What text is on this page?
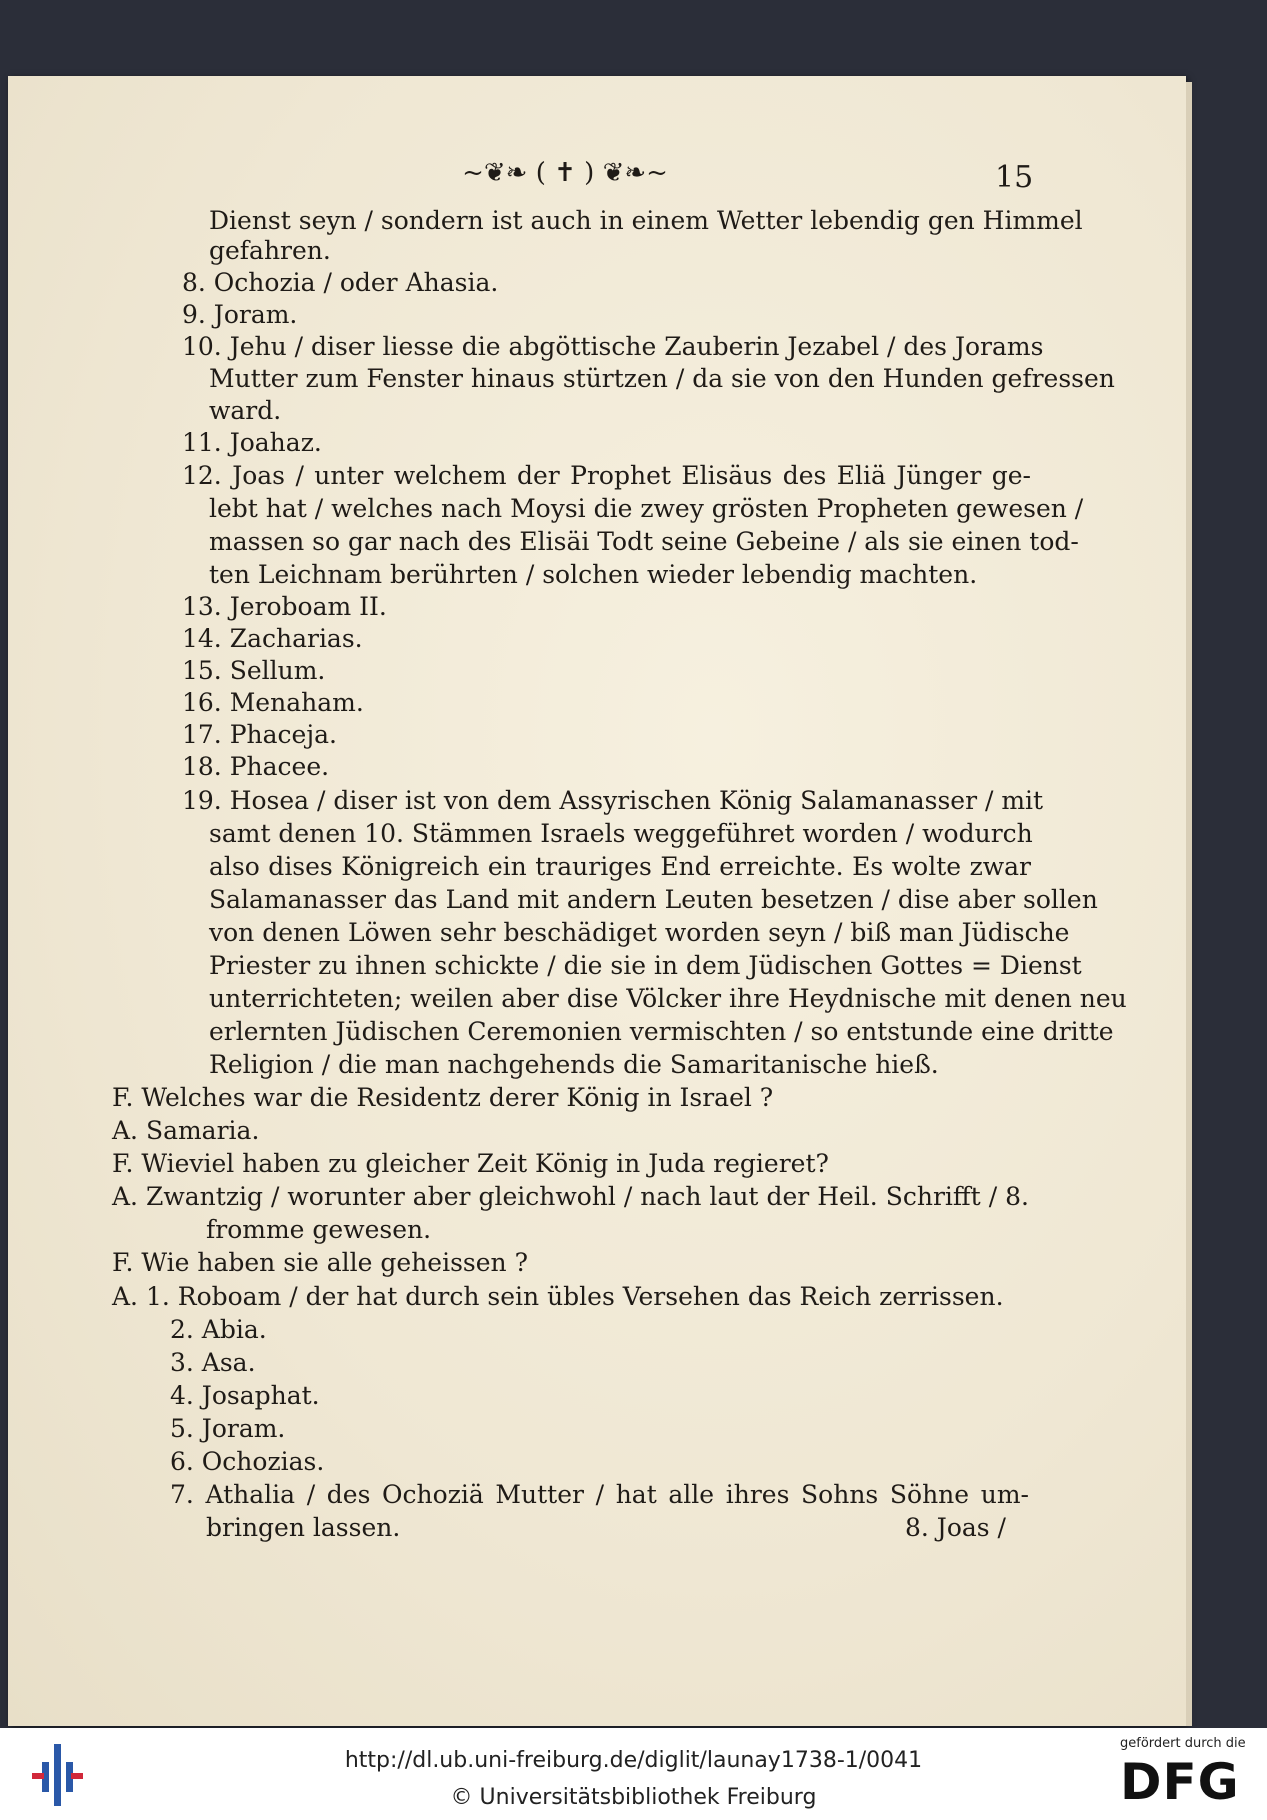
~❦❧ ( ✝ ) ❦❧~	15
Dienst seyn / sondern ist auch in einem Wetter lebendig gen Himmel
gefahren.
8. Ochozia / oder Ahasia.
9. Joram.
10. Jehu / diser liesse die abgöttische Zauberin Jezabel / des Jorams
Mutter zum Fenster hinaus stürtzen / da sie von den Hunden gefressen
ward.
11. Joahaz.
12. Joas / unter welchem der Prophet Elisäus des Eliä Jünger ge-
lebt hat / welches nach Moysi die zwey grösten Propheten gewesen /
massen so gar nach des Elisäi Todt seine Gebeine / als sie einen tod-
ten Leichnam berührten / solchen wieder lebendig machten.
13. Jeroboam II.
14. Zacharias.
15. Sellum.
16. Menaham.
17. Phaceja.
18. Phacee.
19. Hosea / diser ist von dem Assyrischen König Salamanasser / mit
samt denen 10. Stämmen Israels weggeführet worden / wodurch
also dises Königreich ein trauriges End erreichte. Es wolte zwar
Salamanasser das Land mit andern Leuten besetzen / dise aber sollen
von denen Löwen sehr beschädiget worden seyn / biß man Jüdische
Priester zu ihnen schickte / die sie in dem Jüdischen Gottes = Dienst
unterrichteten; weilen aber dise Völcker ihre Heydnische mit denen neu
erlernten Jüdischen Ceremonien vermischten / so entstunde eine dritte
Religion / die man nachgehends die Samaritanische hieß.
F. Welches war die Residentz derer König in Israel ?
A. Samaria.
F. Wieviel haben zu gleicher Zeit König in Juda regieret?
A. Zwantzig / worunter aber gleichwohl / nach laut der Heil. Schrifft / 8.
fromme gewesen.
F. Wie haben sie alle geheissen ?
A. 1. Roboam / der hat durch sein übles Versehen das Reich zerrissen.
2. Abia.
3. Asa.
4. Josaphat.
5. Joram.
6. Ochozias.
7. Athalia / des Ochoziä Mutter / hat alle ihres Sohns Söhne um-
bringen lassen.	8. Joas /
http://dl.ub.uni-freiburg.de/diglit/launay1738-1/0041
© Universitätsbibliothek Freiburg
gefördert durch die
DFG
